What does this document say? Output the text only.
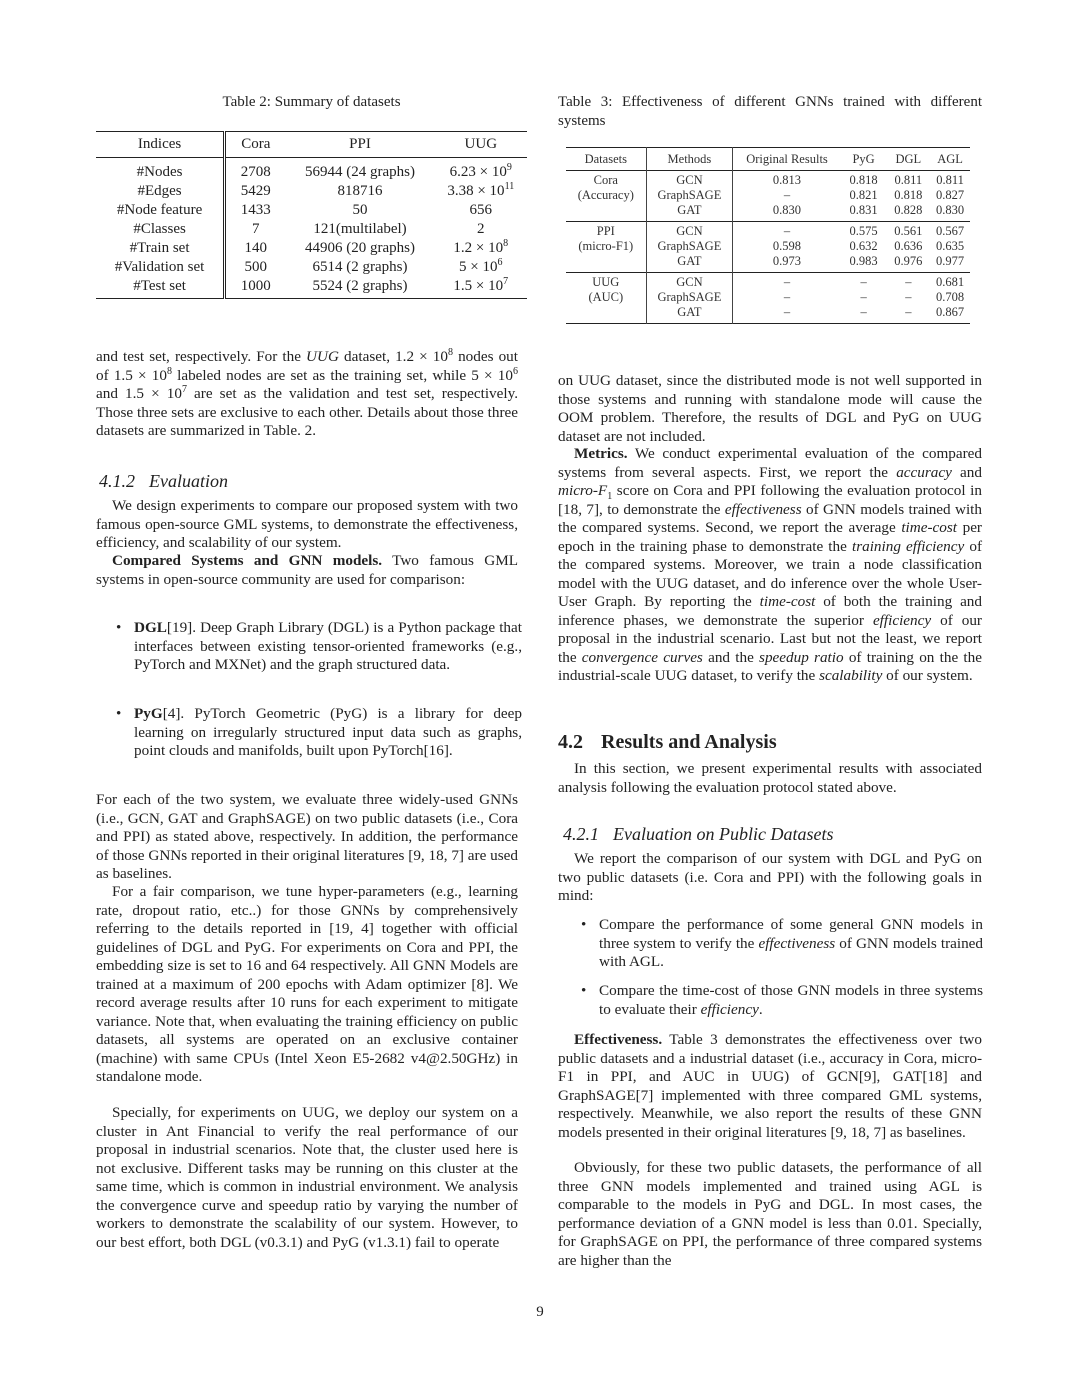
Table 2: Summary of datasets
Indices	Cora	PPI	UUG
#Nodes	2708	56944 (24 graphs)	$6.23 \times 10^9$
#Edges	5429	818716	$3.38 \times 10^{11}$
#Node feature	1433	50	656
#Classes	7	121(multilabel)	2
#Train set	140	44906 (20 graphs)	$1.2 \times 10^8$
#Validation set	500	6514 (2 graphs)	$5 \times 10^6$
#Test set	1000	5524 (2 graphs)	$1.5 \times 10^7$
Table 3: Effectiveness of different GNNs trained with different systems
Datasets	Methods	Original Results	PyG	DGL	AGL
Cora	GCN	0.813	0.818	0.811	0.811
(Accuracy)	GraphSAGE	–	0.821	0.818	0.827
	GAT	0.830	0.831	0.828	0.830
PPI	GCN	–	0.575	0.561	0.567
(micro-F1)	GraphSAGE	0.598	0.632	0.636	0.635
	GAT	0.973	0.983	0.976	0.977
UUG	GCN	–	–	–	0.681
(AUC)	GraphSAGE	–	–	–	0.708
	GAT	–	–	–	0.867
and test set, respectively. For the UUG dataset, $1.2 \times 10^8$ nodes out of $1.5 \times 10^8$ labeled nodes are set as the training set, while $5 \times 10^6$ and $1.5 \times 10^7$ are set as the validation and test set, respectively. Those three sets are exclusive to each other. Details about those three datasets are summarized in Table. 2.
4.1.2 Evaluation
We design experiments to compare our proposed system with two famous open-source GML systems, to demonstrate the effectiveness, efficiency, and scalability of our system.
Compared Systems and GNN models. Two famous GML systems in open-source community are used for comparison:
• DGL[19]. Deep Graph Library (DGL) is a Python package that interfaces between existing tensor-oriented frameworks (e.g., PyTorch and MXNet) and the graph structured data.
• PyG[4]. PyTorch Geometric (PyG) is a library for deep learning on irregularly structured input data such as graphs, point clouds and manifolds, built upon PyTorch[16].
For each of the two system, we evaluate three widely-used GNNs (i.e., GCN, GAT and GraphSAGE) on two public datasets (i.e., Cora and PPI) as stated above, respectively. In addition, the performance of those GNNs reported in their original literatures [9, 18, 7] are used as baselines.
For a fair comparison, we tune hyper-parameters (e.g., learning rate, dropout ratio, etc..) for those GNNs by comprehensively referring to the details reported in [19, 4] together with official guidelines of DGL and PyG. For experiments on Cora and PPI, the embedding size is set to 16 and 64 respectively. All GNN Models are trained at a maximum of 200 epochs with Adam optimizer [8]. We record average results after 10 runs for each experiment to mitigate variance. Note that, when evaluating the training efficiency on public datasets, all systems are operated on an exclusive container (machine) with same CPUs (Intel Xeon E5-2682 v4@2.50GHz) in standalone mode.
Specially, for experiments on UUG, we deploy our system on a cluster in Ant Financial to verify the real performance of our proposal in industrial scenarios. Note that, the cluster used here is not exclusive. Different tasks may be running on this cluster at the same time, which is common in industrial environment. We analysis the convergence curve and speedup ratio by varying the number of workers to demonstrate the scalability of our system. However, to our best effort, both DGL (v0.3.1) and PyG (v1.3.1) fail to operate
on UUG dataset, since the distributed mode is not well supported in those systems and running with standalone mode will cause the OOM problem. Therefore, the results of DGL and PyG on UUG dataset are not included.
Metrics. We conduct experimental evaluation of the compared systems from several aspects. First, we report the accuracy and micro-$F_1$ score on Cora and PPI following the evaluation protocol in [18, 7], to demonstrate the effectiveness of GNN models trained with the compared systems. Second, we report the average time-cost per epoch in the training phase to demonstrate the training efficiency of the compared systems. Moreover, we train a node classification model with the UUG dataset, and do inference over the whole User-User Graph. By reporting the time-cost of both the training and inference phases, we demonstrate the superior efficiency of our proposal in the industrial scenario. Last but not the least, we report the convergence curves and the speedup ratio of training on the the industrial-scale UUG dataset, to verify the scalability of our system.
4.2 Results and Analysis
In this section, we present experimental results with associated analysis following the evaluation protocol stated above.
4.2.1 Evaluation on Public Datasets
We report the comparison of our system with DGL and PyG on two public datasets (i.e. Cora and PPI) with the following goals in mind:
• Compare the performance of some general GNN models in three system to verify the effectiveness of GNN models trained with AGL.
• Compare the time-cost of those GNN models in three systems to evaluate their efficiency.
Effectiveness. Table 3 demonstrates the effectiveness over two public datasets and a industrial dataset (i.e., accuracy in Cora, micro-F1 in PPI, and AUC in UUG) of GCN[9], GAT[18] and GraphSAGE[7] implemented with three compared GML systems, respectively. Meanwhile, we also report the results of these GNN models presented in their original literatures [9, 18, 7] as baselines.
Obviously, for these two public datasets, the performance of all three GNN models implemented and trained using AGL is comparable to the models in PyG and DGL. In most cases, the performance deviation of a GNN model is less than 0.01. Specially, for GraphSAGE on PPI, the performance of three compared systems are higher than the
9
